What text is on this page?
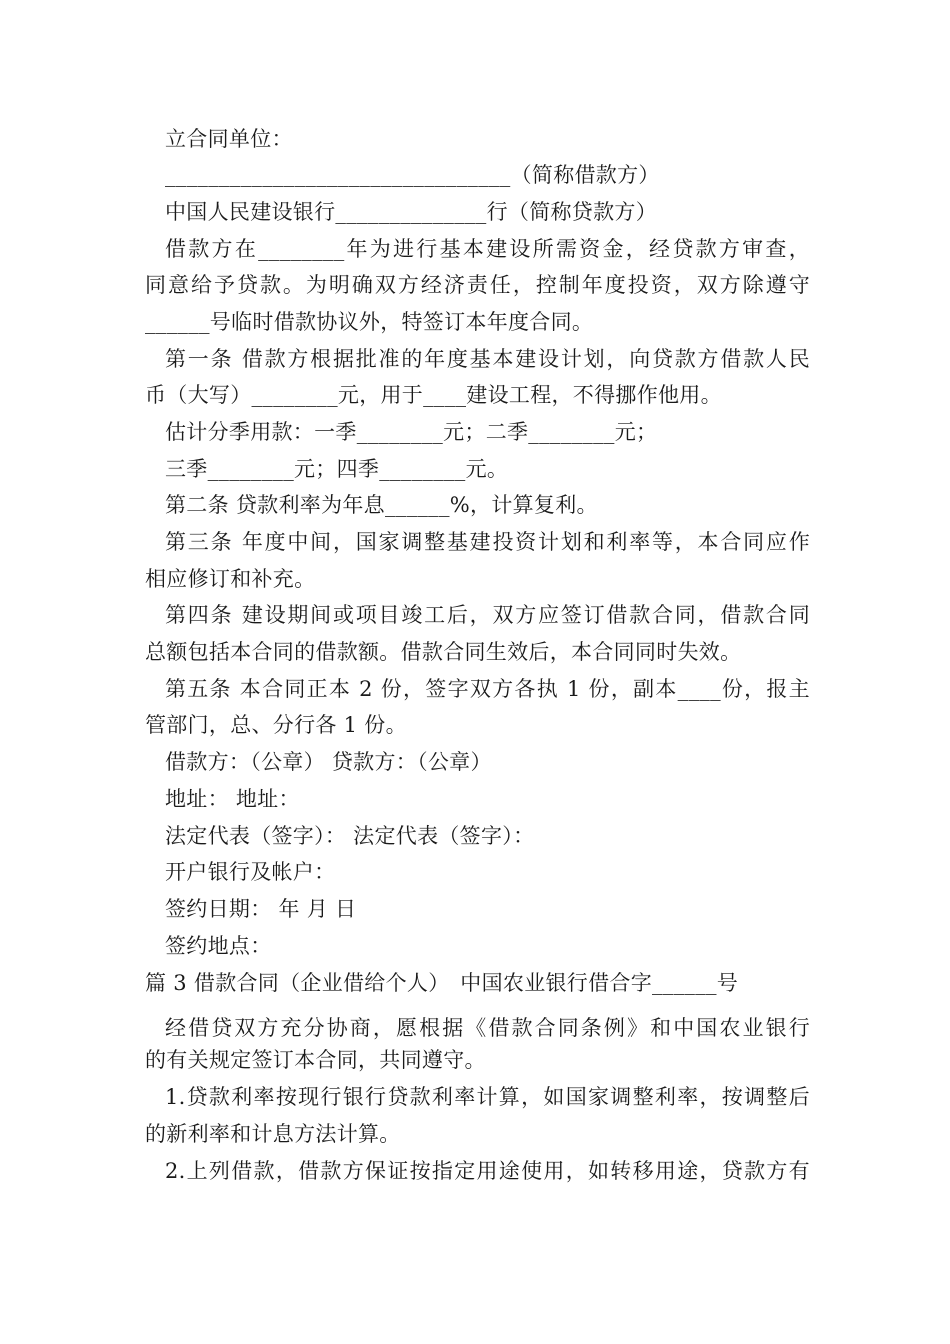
立合同单位：
________________________________（简称借款方）
中国人民建设银行______________行（简称贷款方）
借款方在________年为进行基本建设所需资金，经贷款方审查，
同意给予贷款。为明确双方经济责任，控制年度投资，双方除遵守
______号临时借款协议外，特签订本年度合同。
第一条 借款方根据批准的年度基本建设计划，向贷款方借款人民
币（大写）________元，用于____建设工程，不得挪作他用。
估计分季用款：一季________元；二季________元；
三季________元；四季________元。
第二条 贷款利率为年息______%，计算复利。
第三条 年度中间，国家调整基建投资计划和利率等，本合同应作
相应修订和补充。
第四条 建设期间或项目竣工后，双方应签订借款合同，借款合同
总额包括本合同的借款额。借款合同生效后，本合同同时失效。
第五条 本合同正本 2 份，签字双方各执 1 份，副本____份，报主
管部门，总、分行各 1 份。
借款方：（公章） 贷款方：（公章）
地址： 地址：
法定代表（签字）： 法定代表（签字）：
开户银行及帐户：
签约日期： 年 月 日
签约地点：
篇 3 借款合同（企业借给个人）　中国农业银行借合字______号
经借贷双方充分协商，愿根据《借款合同条例》和中国农业银行
的有关规定签订本合同，共同遵守。
1.贷款利率按现行银行贷款利率计算，如国家调整利率，按调整后
的新利率和计息方法计算。
2.上列借款，借款方保证按指定用途使用，如转移用途，贷款方有
